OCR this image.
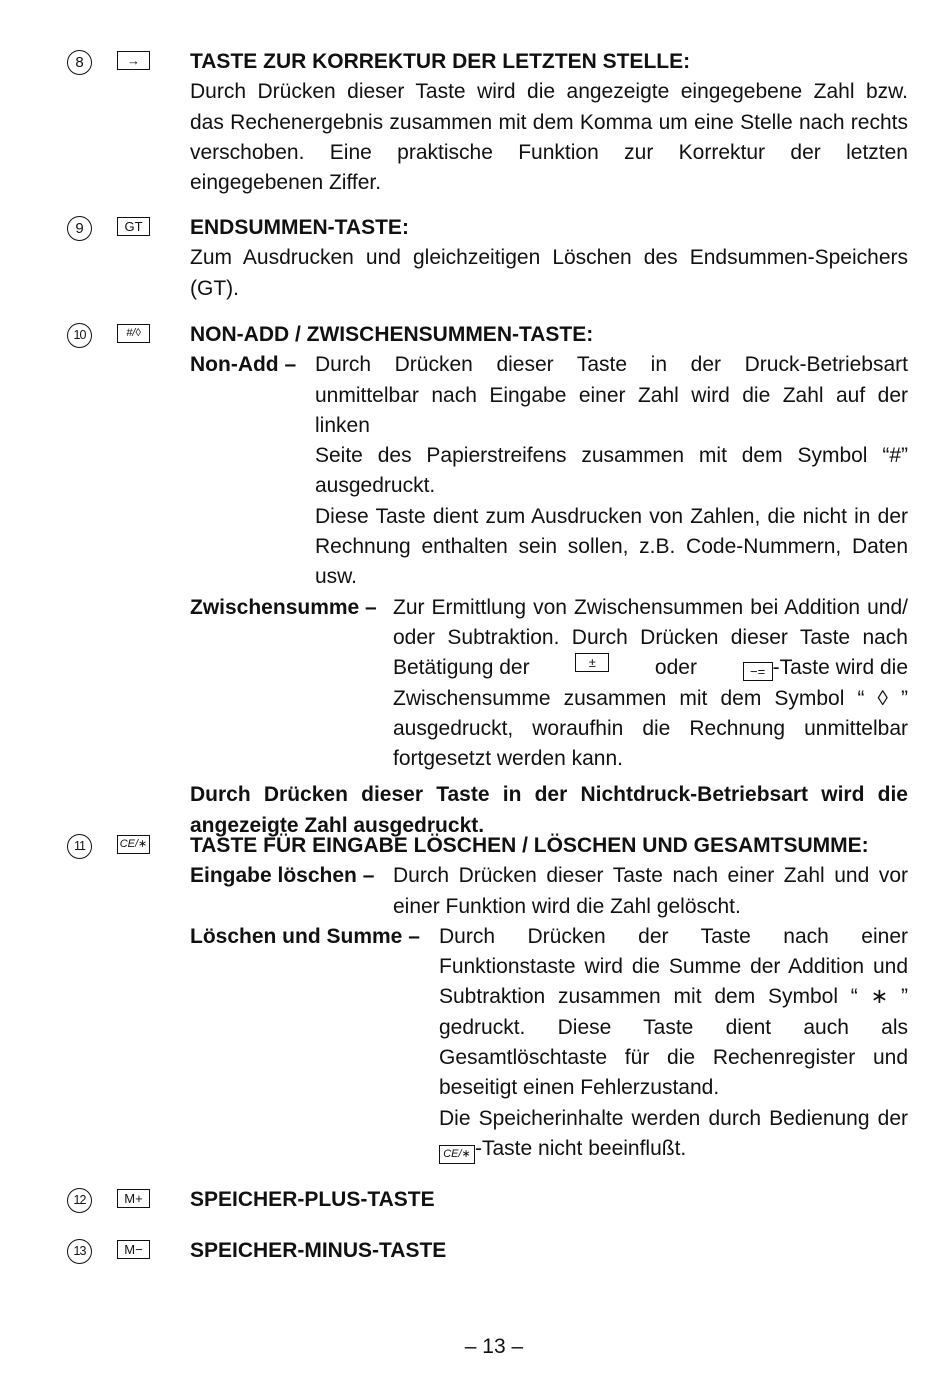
8	→	TASTE ZUR KORREKTUR DER LETZTEN STELLE:
Durch Drücken dieser Taste wird die angezeigte eingegebene Zahl bzw.
das Rechenergebnis zusammen mit dem Komma um eine Stelle nach rechts
verschoben. Eine praktische Funktion zur Korrektur der letzten
eingegebenen Ziffer.
9	GT	ENDSUMMEN-TASTE:
Zum Ausdrucken und gleichzeitigen Löschen des Endsummen-Speichers
(GT).
10	#/◊	NON-ADD / ZWISCHENSUMMEN-TASTE:
Non-Add – Durch Drücken dieser Taste in der Druck-Betriebsart
unmittelbar nach Eingabe einer Zahl wird die Zahl auf der linken
Seite des Papierstreifens zusammen mit dem Symbol “#”
ausgedruckt.
Diese Taste dient zum Ausdrucken von Zahlen, die nicht in der
Rechnung enthalten sein sollen, z.B. Code-Nummern, Daten
usw.
Zwischensumme – Zur Ermittlung von Zwischensummen bei Addition und/
oder Subtraktion. Durch Drücken dieser Taste nach
Betätigung der	±	oder	−= -Taste wird die
Zwischensumme zusammen mit dem Symbol “ ◊ ”
ausgedruckt, woraufhin die Rechnung unmittelbar
fortgesetzt werden kann.
Durch Drücken dieser Taste in der Nichtdruck-Betriebsart wird die
angezeigte Zahl ausgedruckt.
11	CE/∗ TASTE FÜR EINGABE LÖSCHEN / LÖSCHEN UND GESAMTSUMME:
Eingabe löschen – Durch Drücken dieser Taste nach einer Zahl und vor
einer Funktion wird die Zahl gelöscht.
Löschen und Summe – Durch Drücken der Taste nach einer
Funktionstaste wird die Summe der Addition und
Subtraktion zusammen mit dem Symbol “ ∗ ”
gedruckt. Diese Taste dient auch als
Gesamtlöschtaste für die Rechenregister und
beseitigt einen Fehlerzustand.
Die Speicherinhalte werden durch Bedienung der
CE/∗ -Taste nicht beeinflußt.
12	M+	SPEICHER-PLUS-TASTE
13	M−	SPEICHER-MINUS-TASTE
– 13 –
